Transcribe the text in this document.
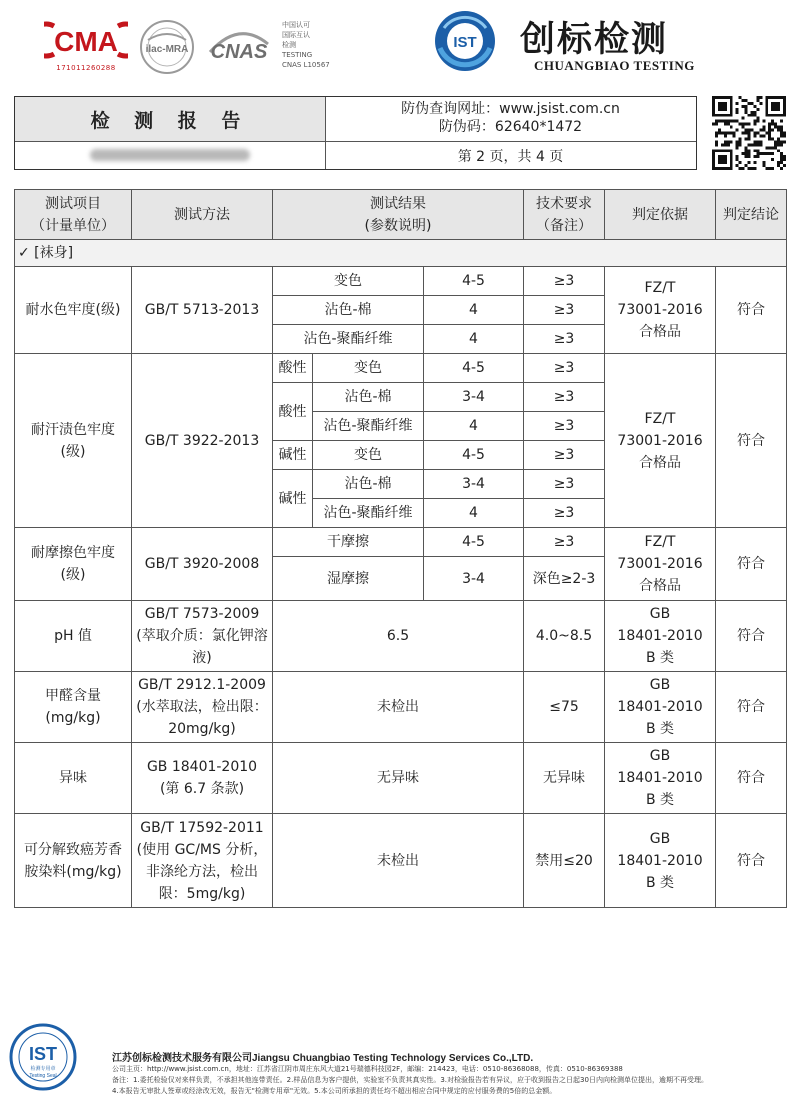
CMA
171011260288
ilac-MRA CNAS
中国认可
国际互认
检测
TESTING
CNAS L10567
IST 创标检测
CHUANGBIAO TESTING
检 测 报 告
防伪查询网址：www.jsist.com.cn
防伪码：62640*1472
第 2 页，共 4 页
测试项目
（计量单位）	测试方法	测试结果
(参数说明)			技术要求
（备注）	判定依据	判定结论
✓ [袜身]							
耐水色牢度(级)	GB/T 5713-2013	变色		4-5	≥3	FZ/T
73001-2016
合格品	符合
		沾色-棉		4	≥3		
		沾色-聚酯纤维		4	≥3		
耐汗渍色牢度
(级)	GB/T 3922-2013	酸性	变色	4-5	≥3	FZ/T
73001-2016
合格品	符合
		酸性	沾色-棉	3-4	≥3		
			沾色-聚酯纤维	4	≥3		
		碱性	变色	4-5	≥3		
		碱性	沾色-棉	3-4	≥3		
			沾色-聚酯纤维	4	≥3		
耐摩擦色牢度
(级)	GB/T 3920-2008	干摩擦		4-5	≥3	FZ/T
73001-2016
合格品	符合
		湿摩擦		3-4	深色≥2-3		
pH 值	GB/T 7573-2009
(萃取介质：氯化钾溶
液)	6.5			4.0~8.5	GB
18401-2010
B 类	符合
甲醛含量
(mg/kg)	GB/T 2912.1-2009
(水萃取法，检出限：
20mg/kg)	未检出			≤75	GB
18401-2010
B 类	符合
异味	GB 18401-2010
(第 6.7 条款)	无异味			无异味	GB
18401-2010
B 类	符合
可分解致癌芳香
胺染料(mg/kg)	GB/T 17592-2011
(使用 GC/MS 分析，
非涤纶方法，检出
限：5mg/kg)	未检出			禁用≤20	GB
18401-2010
B 类	符合
IST
检测专用章
Testing Seal
江苏创标检测技术服务有限公司Jiangsu Chuangbiao Testing Technology Services Co.,LTD.
公司主页：http://www.jsist.com.cn，地址：江苏省江阴市周庄东风大道21号瑞德科技园2F，邮编：214423，电话：0510-86368088，传真：0510-86369388
备注：1.委托检验仅对来样负责，不承担其他连带责任。2.样品信息为客户提供，实验室不负责其真实性。3.对检验报告若有异议，应于收到报告之日起30日内向检测单位提出，逾期不再受理。
4.本报告无审批人签章或经涂改无效，报告无"检测专用章"无效。5.本公司所承担的责任均不超出相应合同中规定的应付服务费的5倍的总金额。
